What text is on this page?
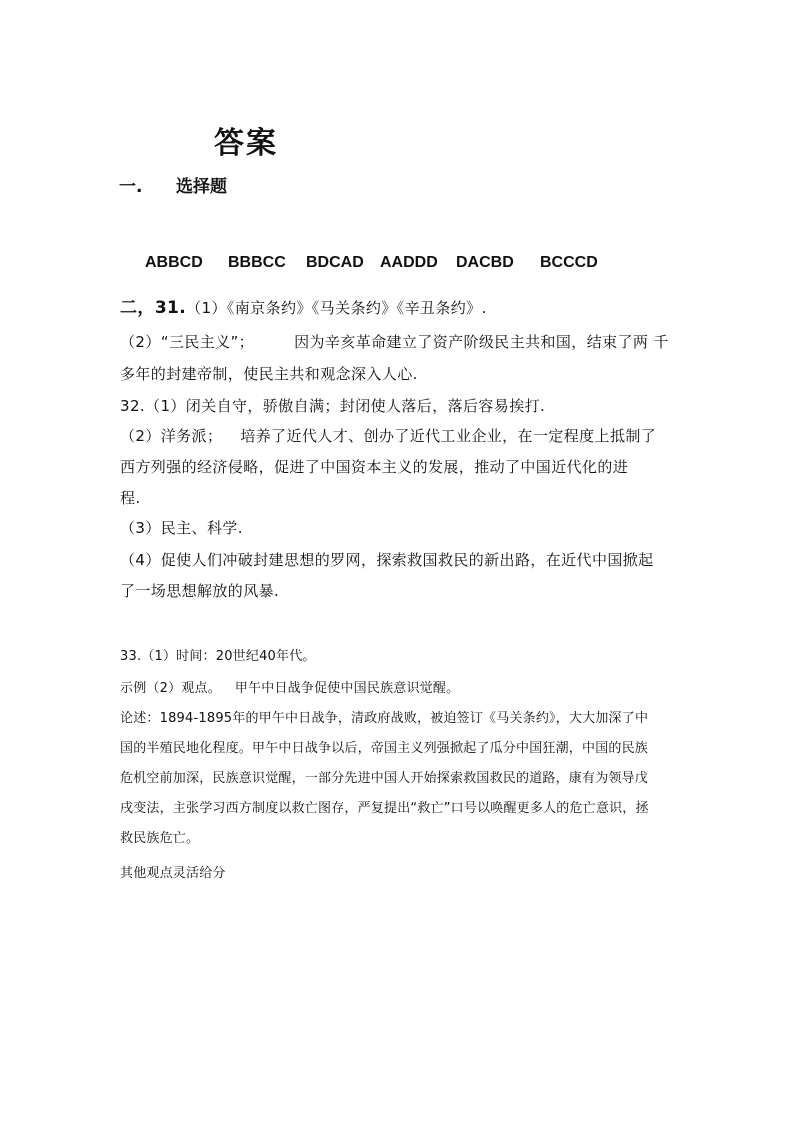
答案
一. 选择题
ABBCD BBBCC BDCAD AADDD DACBD BCCCD
二，31.（1）《南京条约》《马关条约》《辛丑条约》.
（2）“三民主义”；	因为辛亥革命建立了资产阶级民主共和国，结束了两 千
多年的封建帝制，使民主共和观念深入人心.
32.（1）闭关自守，骄傲自满；封闭使人落后，落后容易挨打.
（2）洋务派； 培养了近代人才、创办了近代工业企业，在一定程度上抵制了
西方列强的经济侵略，促进了中国资本主义的发展，推动了中国近代化的进
程.
（3）民主、科学.
（4）促使人们冲破封建思想的罗网，探索救国救民的新出路，在近代中国掀起
了一场思想解放的风暴.
33.（1）时间：20世纪40年代。
示例（2）观点。 甲午中日战争促使中国民族意识觉醒。
论述：1894-1895年的甲午中日战争，清政府战败，被迫签订《马关条约》，大大加深了中
国的半殖民地化程度。甲午中日战争以后，帝国主义列强掀起了瓜分中国狂潮，中国的民族
危机空前加深，民族意识觉醒，一部分先进中国人开始探索救国救民的道路，康有为领导戊
戌变法，主张学习西方制度以救亡图存，严复提出“救亡”口号以唤醒更多人的危亡意识，拯
救民族危亡。
其他观点灵活给分
